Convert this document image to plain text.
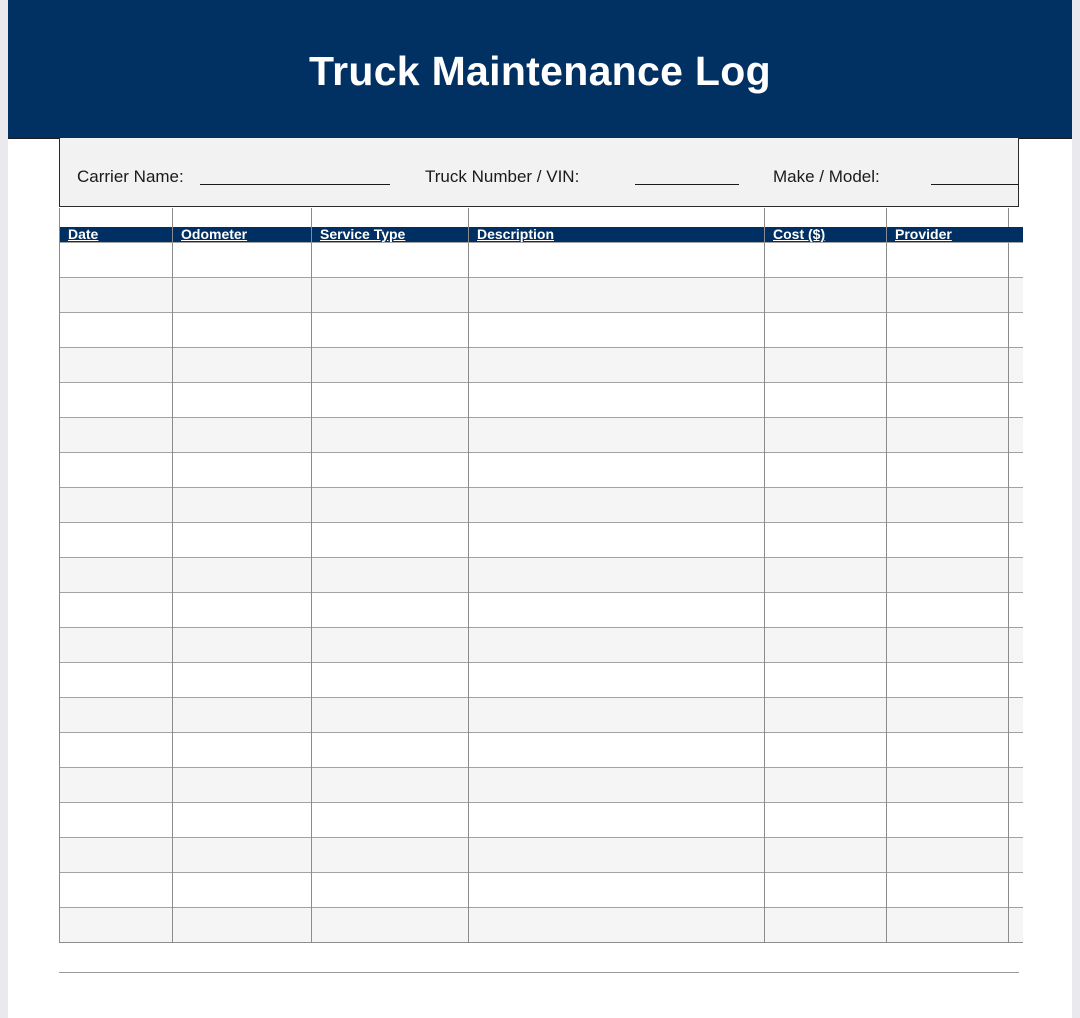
Truck Maintenance Log
Carrier Name:	Truck Number / VIN:	Make / Model:

Date	Odometer	Service Type	Description	Cost ($)	Provider	
